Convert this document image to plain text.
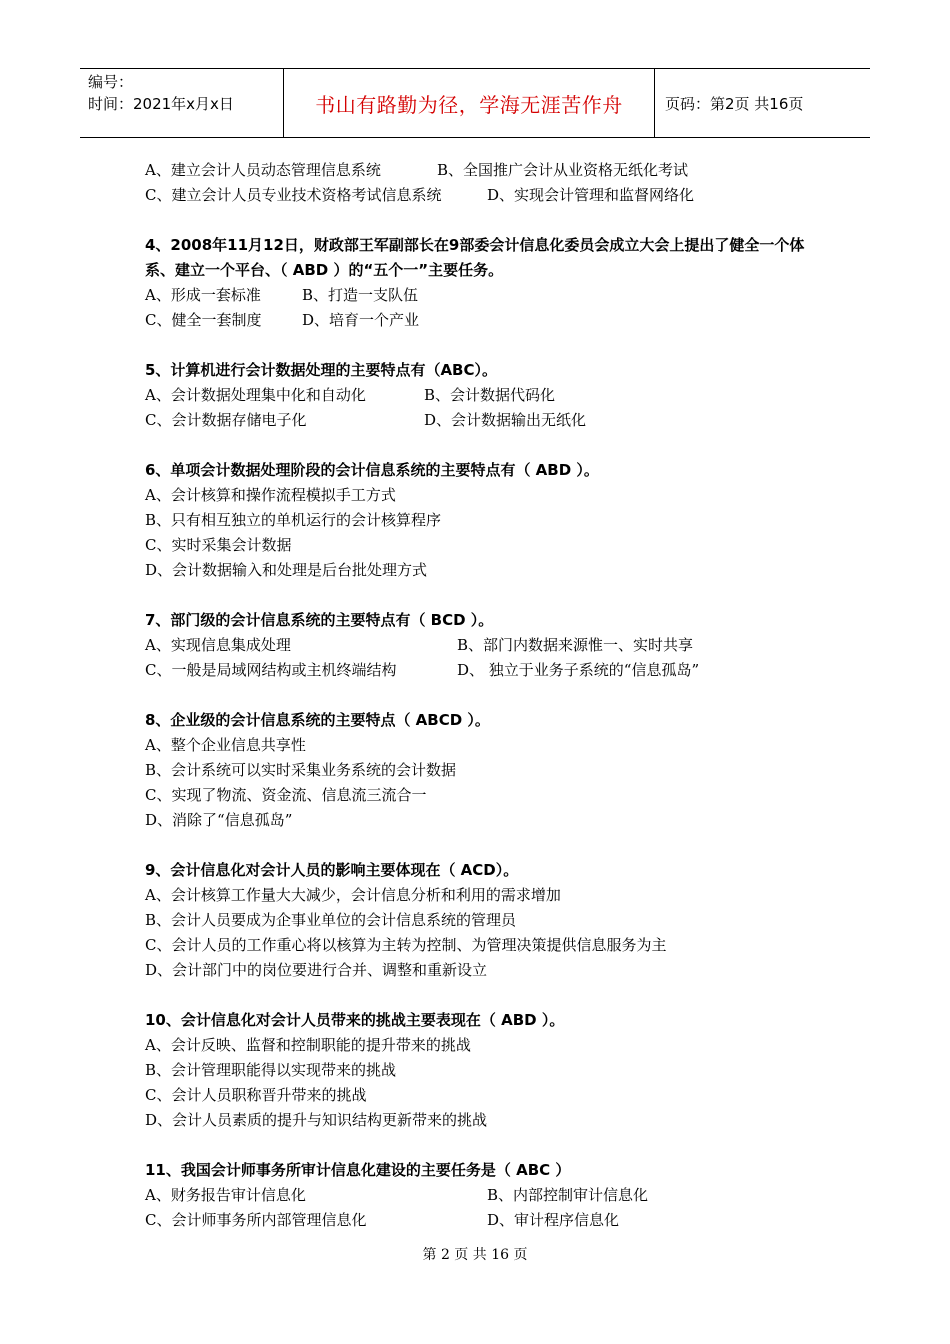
编号：
时间：2021年x月x日	书山有路勤为径，学海无涯苦作舟	页码：第2页 共16页
A、建立会计人员动态管理信息系统	B、全国推广会计从业资格无纸化考试
C、建立会计人员专业技术资格考试信息系统	D、实现会计管理和监督网络化
4、2008年11月12日，财政部王军副部长在9部委会计信息化委员会成立大会上提出了健全一个体系、建立一个平台、（ ABD ）的“五个一”主要任务。
A、形成一套标准	B、打造一支队伍
C、健全一套制度	D、培育一个产业
5、计算机进行会计数据处理的主要特点有（ABC）。
A、会计数据处理集中化和自动化	B、会计数据代码化
C、会计数据存储电子化	D、会计数据输出无纸化
6、单项会计数据处理阶段的会计信息系统的主要特点有（ ABD ）。
A、会计核算和操作流程模拟手工方式
B、只有相互独立的单机运行的会计核算程序
C、实时采集会计数据
D、会计数据输入和处理是后台批处理方式
7、部门级的会计信息系统的主要特点有（ BCD ）。
A、实现信息集成处理	B、部门内数据来源惟一、实时共享
C、一般是局域网结构或主机终端结构	D、 独立于业务子系统的“信息孤岛”
8、企业级的会计信息系统的主要特点（ ABCD ）。
A、整个企业信息共享性
B、会计系统可以实时采集业务系统的会计数据
C、实现了物流、资金流、信息流三流合一
D、消除了“信息孤岛”
9、会计信息化对会计人员的影响主要体现在（ ACD）。
A、会计核算工作量大大减少，会计信息分析和利用的需求增加
B、会计人员要成为企事业单位的会计信息系统的管理员
C、会计人员的工作重心将以核算为主转为控制、为管理决策提供信息服务为主
D、会计部门中的岗位要进行合并、调整和重新设立
10、会计信息化对会计人员带来的挑战主要表现在（ ABD ）。
A、会计反映、监督和控制职能的提升带来的挑战
B、会计管理职能得以实现带来的挑战
C、会计人员职称晋升带来的挑战
D、会计人员素质的提升与知识结构更新带来的挑战
11、我国会计师事务所审计信息化建设的主要任务是（ ABC ）
A、财务报告审计信息化	B、内部控制审计信息化
C、会计师事务所内部管理信息化	D、审计程序信息化
第 2 页 共 16 页
